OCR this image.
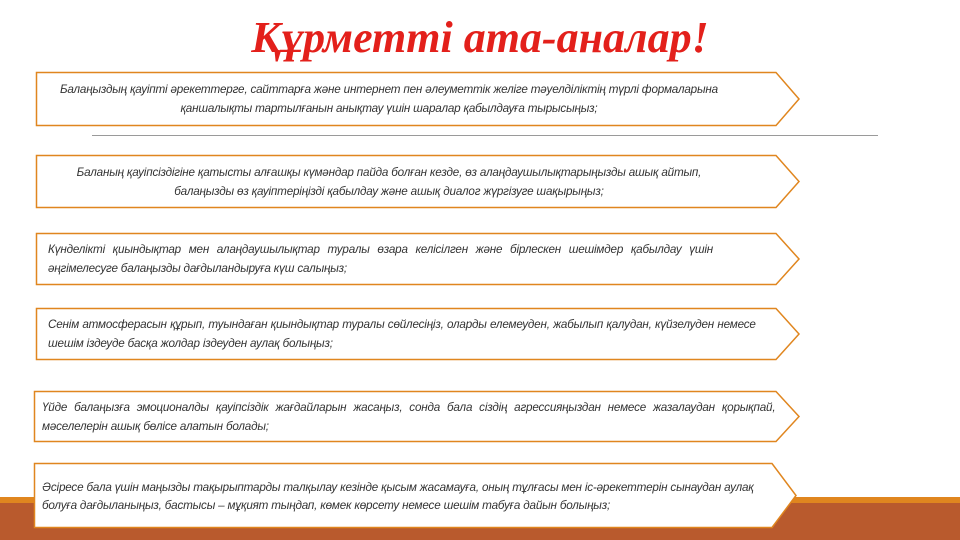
Құрметті ата-аналар!
Балаңыздың қауіпті әрекеттерге, сайттарға және интернет пен әлеуметтік желіге тәуелділіктің түрлі формаларына қаншалықты тартылғанын анықтау үшін шаралар қабылдауға тырысыңыз;
Баланың қауіпсіздігіне қатысты алғашқы күмәндар пайда болған кезде, өз алаңдаушылықтарыңызды ашық айтып, балаңызды өз қауіптеріңізді қабылдау және ашық диалог жүргізуге шақырыңыз;
Күнделікті қиындықтар мен алаңдаушылықтар туралы өзара келісілген және бірлескен шешімдер қабылдау үшін әңгімелесуге балаңызды дағдыландыруға күш салыңыз;
Сенім атмосферасын құрып, туындаған қиындықтар туралы сөйлесіңіз, оларды елемеуден, жабылып қалудан, күйзелуден немесе шешім іздеуде басқа жолдар іздеуден аулақ болыңыз;
Үйде балаңызға эмоционалды қауіпсіздік жағдайларын жасаңыз, сонда бала сіздің агрессияңыздан немесе жазалаудан қорықпай, мәселелерін ашық бөлісе алатын болады;
Әсіресе бала үшін маңызды тақырыптарды талқылау кезінде қысым жасамауға, оның тұлғасы мен іс-әрекеттерін сынаудан аулақ болуға дағдыланыңыз, бастысы – мұқият тыңдап, көмек көрсету немесе шешім табуға дайын болыңыз;
